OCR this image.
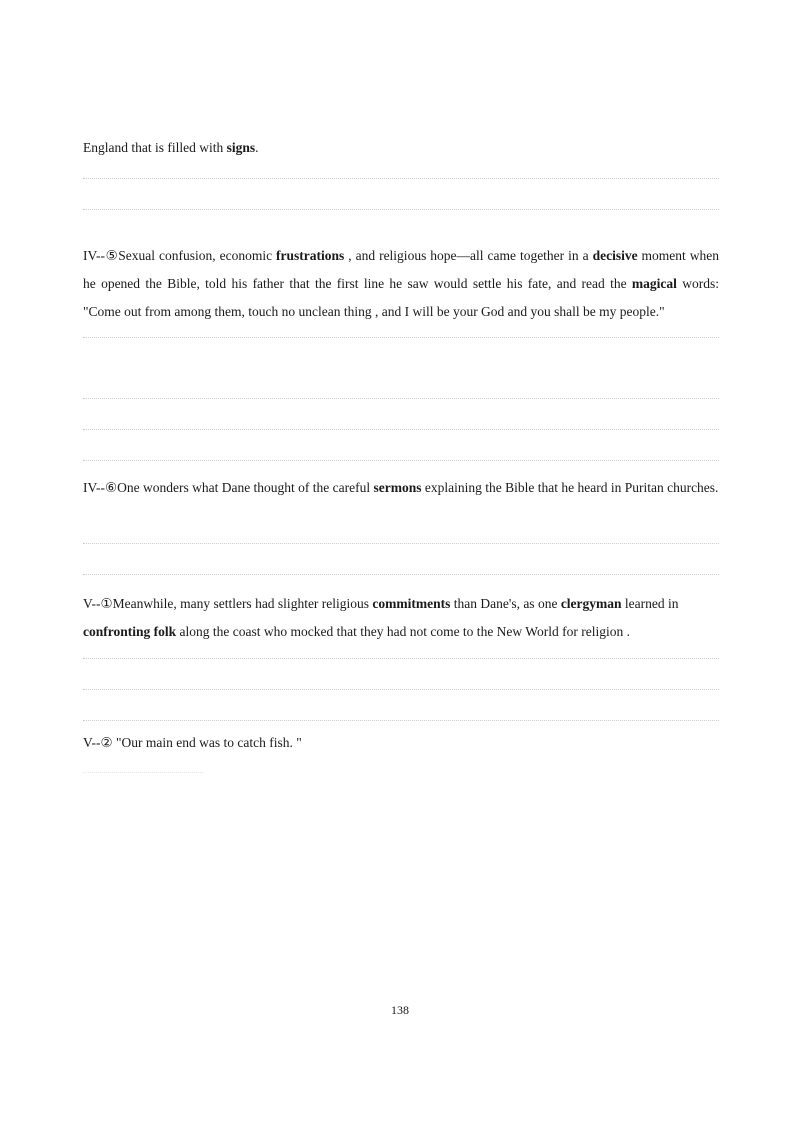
England that is filled with signs.

IV--⑤Sexual confusion, economic frustrations , and religious hope—all came together in a decisive moment when he opened the Bible, told his father that the first line he saw would settle his fate, and read the magical words: "Come out from among them, touch no unclean thing , and I will be your God and you shall be my people."

IV--⑥One wonders what Dane thought of the careful sermons explaining the Bible that he heard in Puritan churches.

V--①Meanwhile, many settlers had slighter religious commitments than Dane's, as one clergyman learned in confronting folk along the coast who mocked that they had not come to the New World for religion .

V--② "Our main end was to catch fish. "

138
